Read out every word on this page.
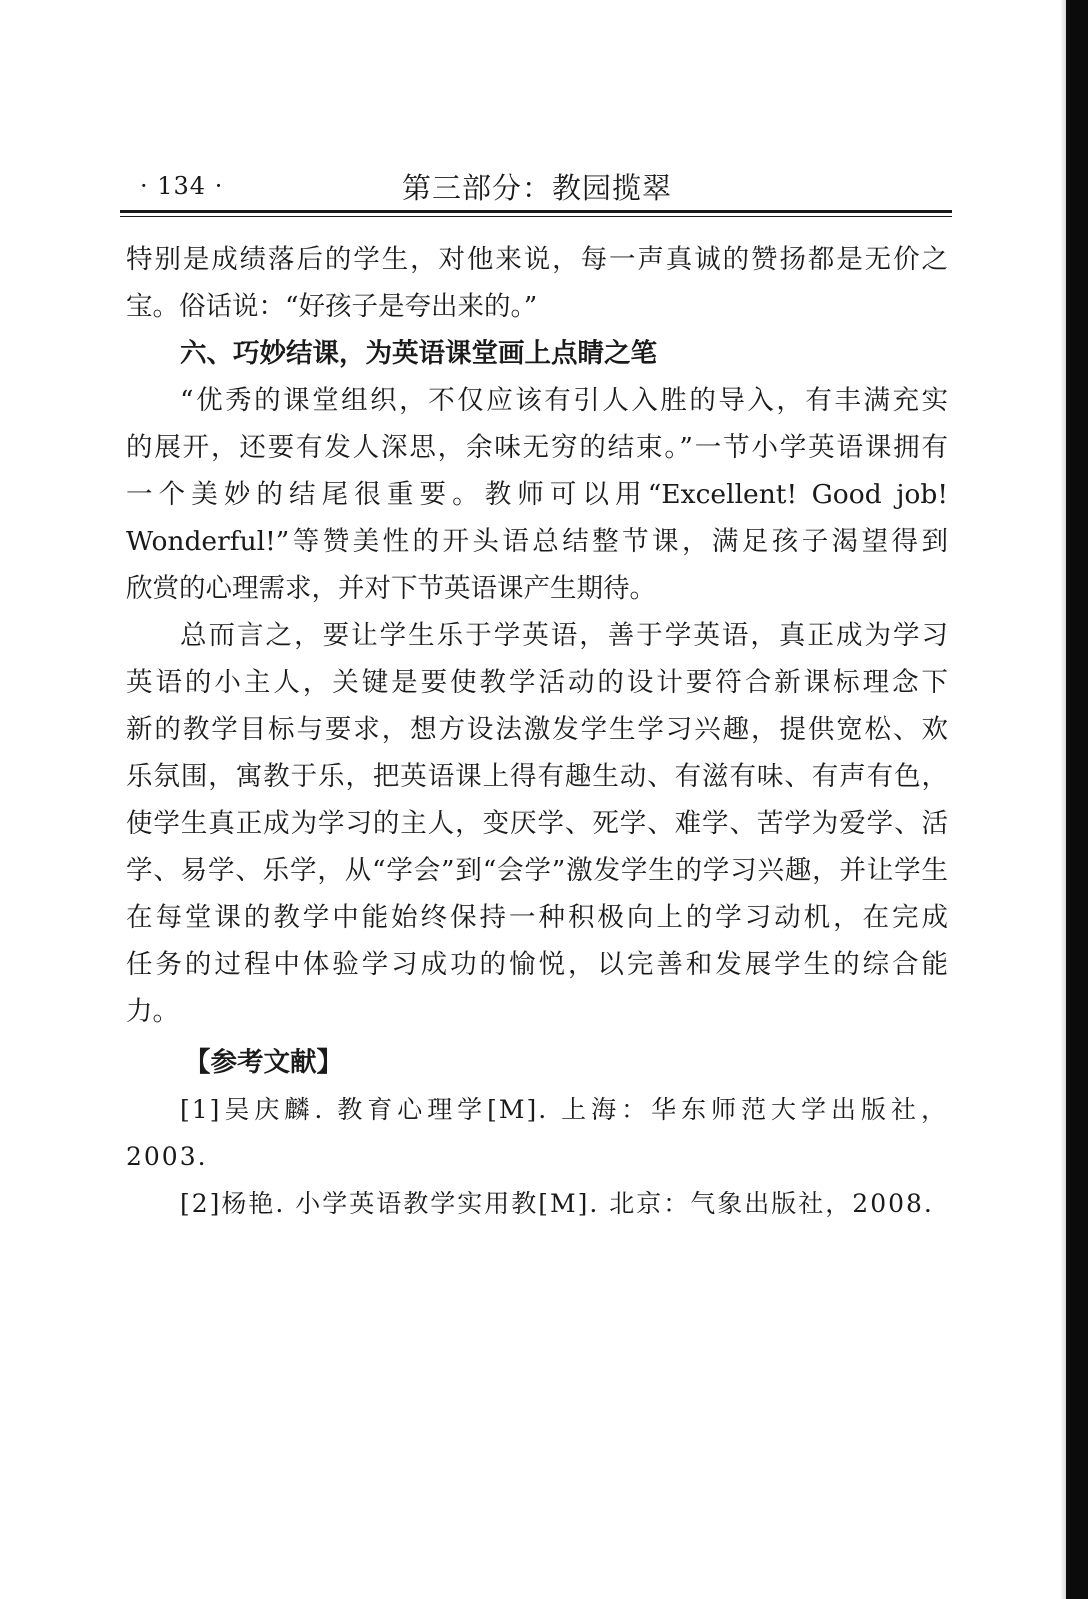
· 134 ·	第三部分：教园揽翠
特别是成绩落后的学生，对他来说，每一声真诚的赞扬都是无价之
宝。俗话说：“好孩子是夸出来的。”
六、巧妙结课，为英语课堂画上点睛之笔
“优秀的课堂组织，不仅应该有引人入胜的导入，有丰满充实
的展开，还要有发人深思，余味无穷的结束。”一节小学英语课拥有
一个美妙的结尾很重要。教师可以用“Excellent! Good job!
Wonderful!”等赞美性的开头语总结整节课，满足孩子渴望得到
欣赏的心理需求，并对下节英语课产生期待。
总而言之，要让学生乐于学英语，善于学英语，真正成为学习
英语的小主人，关键是要使教学活动的设计要符合新课标理念下
新的教学目标与要求，想方设法激发学生学习兴趣，提供宽松、欢
乐氛围，寓教于乐，把英语课上得有趣生动、有滋有味、有声有色，
使学生真正成为学习的主人，变厌学、死学、难学、苦学为爱学、活
学、易学、乐学，从“学会”到“会学”激发学生的学习兴趣，并让学生
在每堂课的教学中能始终保持一种积极向上的学习动机，在完成
任务的过程中体验学习成功的愉悦，以完善和发展学生的综合能
力。
【参考文献】
[1]吴庆麟. 教育心理学[M]. 上海：华东师范大学出版社，
2003.
[2]杨艳. 小学英语教学实用教[M]. 北京：气象出版社，2008.
